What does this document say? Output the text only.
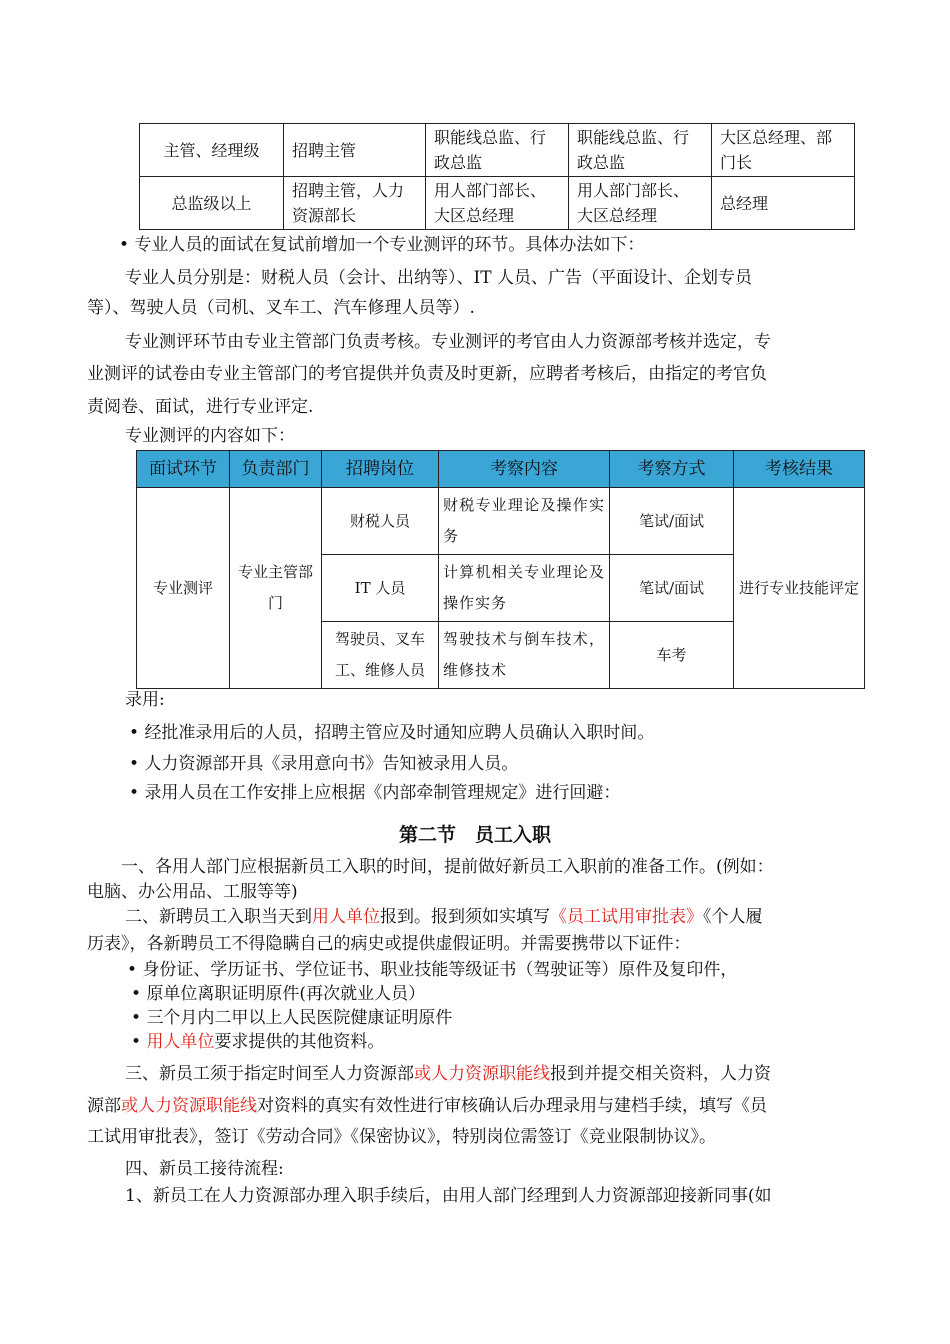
主管、经理级	招聘主管	职能线总监、行政总监	职能线总监、行政总监	大区总经理、部门长
总监级以上	招聘主管，人力资源部长	用人部门部长、大区总经理	用人部门部长、大区总经理	总经理
• 专业人员的面试在复试前增加一个专业测评的环节。具体办法如下：
专业人员分别是：财税人员（会计、出纳等）、IT 人员、广告（平面设计、企划专员
等）、驾驶人员（司机、叉车工、汽车修理人员等）.
专业测评环节由专业主管部门负责考核。专业测评的考官由人力资源部考核并选定，专
业测评的试卷由专业主管部门的考官提供并负责及时更新，应聘者考核后，由指定的考官负
责阅卷、面试，进行专业评定.
专业测评的内容如下：
面试环节	负责部门	招聘岗位	考察内容	考察方式	考核结果
专业测评	专业主管部门	财税人员	财税专业理论及操作实务	笔试/面试	进行专业技能评定
		IT 人员	计算机相关专业理论及操作实务	笔试/面试	
		驾驶员、叉车工、维修人员	驾驶技术与倒车技术，维修技术	车考	
录用:
• 经批准录用后的人员，招聘主管应及时通知应聘人员确认入职时间。
• 人力资源部开具《录用意向书》告知被录用人员。
• 录用人员在工作安排上应根据《内部牵制管理规定》进行回避：
第二节　员工入职
一、各用人部门应根据新员工入职的时间，提前做好新员工入职前的准备工作。(例如：
电脑、办公用品、工服等等)
二、新聘员工入职当天到用人单位报到。报到须如实填写《员工试用审批表》《个人履
历表》，各新聘员工不得隐瞒自己的病史或提供虚假证明。并需要携带以下证件：
• 身份证、学历证书、学位证书、职业技能等级证书（驾驶证等）原件及复印件，
• 原单位离职证明原件(再次就业人员）
• 三个月内二甲以上人民医院健康证明原件
• 用人单位要求提供的其他资料。
三、新员工须于指定时间至人力资源部或人力资源职能线报到并提交相关资料，人力资
源部或人力资源职能线对资料的真实有效性进行审核确认后办理录用与建档手续，填写《员
工试用审批表》，签订《劳动合同》《保密协议》，特别岗位需签订《竞业限制协议》。
四、新员工接待流程:
1、新员工在人力资源部办理入职手续后，由用人部门经理到人力资源部迎接新同事(如
